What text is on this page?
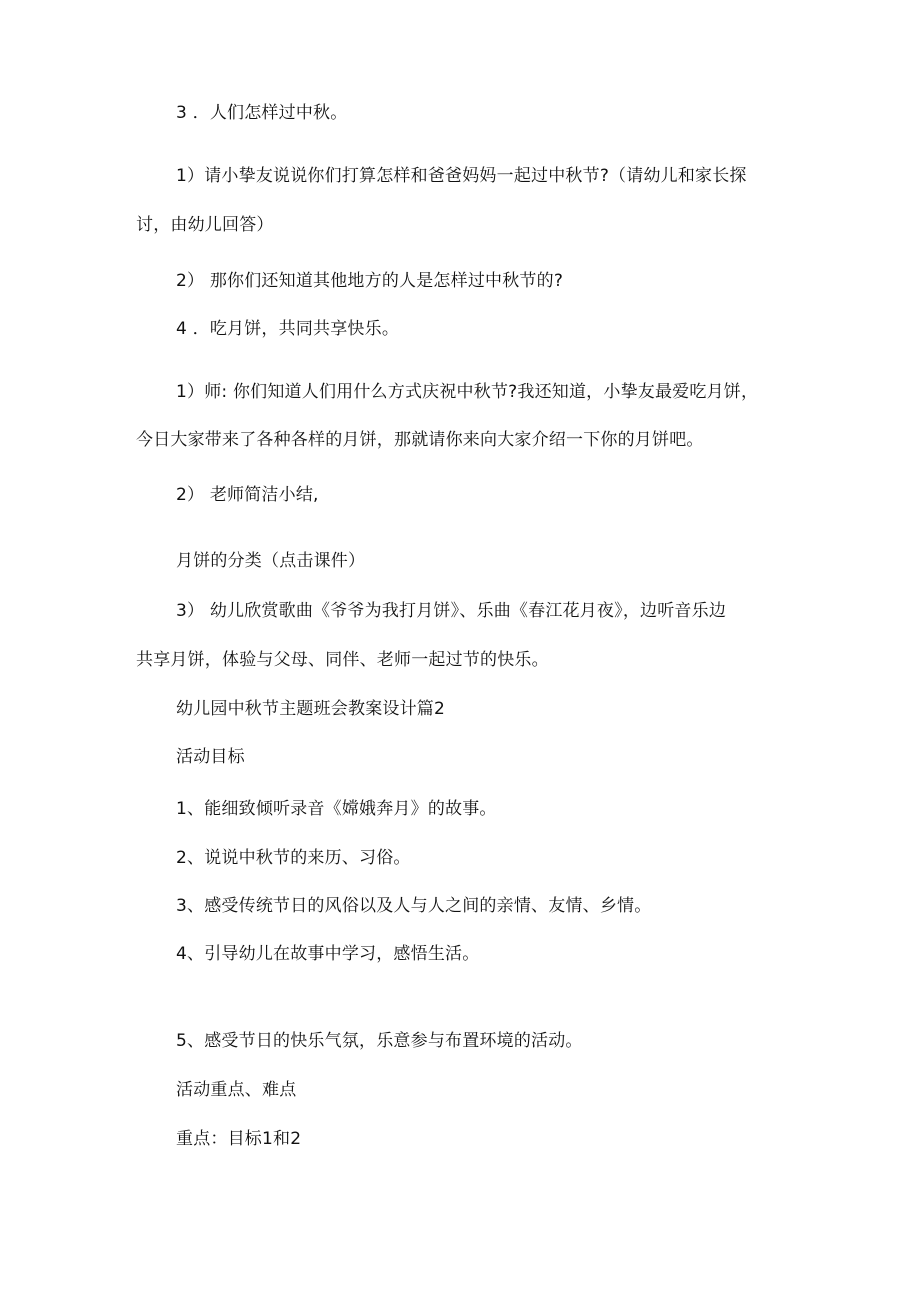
3 ．人们怎样过中秋。
1）请小挚友说说你们打算怎样和爸爸妈妈一起过中秋节?（请幼儿和家长探
讨，由幼儿回答）
2） 那你们还知道其他地方的人是怎样过中秋节的?
4 ．吃月饼，共同共享快乐。
1）师: 你们知道人们用什么方式庆祝中秋节?我还知道，小挚友最爱吃月饼，
今日大家带来了各种各样的月饼，那就请你来向大家介绍一下你的月饼吧。
2） 老师简洁小结,
月饼的分类（点击课件）
3） 幼儿欣赏歌曲《爷爷为我打月饼》、乐曲《春江花月夜》，边听音乐边
共享月饼，体验与父母、同伴、老师一起过节的快乐。
幼儿园中秋节主题班会教案设计篇2
活动目标
1、能细致倾听录音《嫦娥奔月》的故事。
2、说说中秋节的来历、习俗。
3、感受传统节日的风俗以及人与人之间的亲情、友情、乡情。
4、引导幼儿在故事中学习，感悟生活。
5、感受节日的快乐气氛，乐意参与布置环境的活动。
活动重点、难点
重点：目标1和2
